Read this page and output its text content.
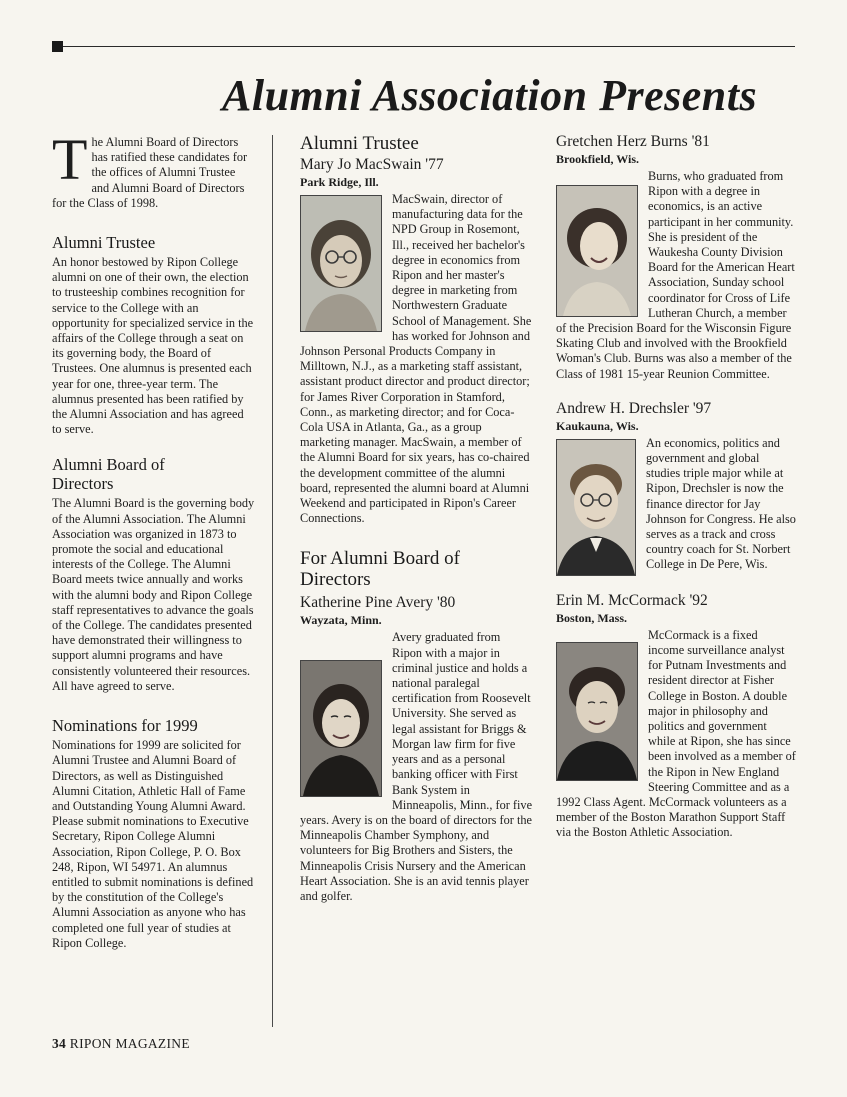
Alumni Association Presents

The Alumni Board of Directors has ratified these candidates for the offices of Alumni Trustee and Alumni Board of Directors for the Class of 1998.

Alumni Trustee

An honor bestowed by Ripon College alumni on one of their own, the election to trusteeship combines recognition for service to the College with an opportunity for specialized service in the affairs of the College through a seat on its governing body, the Board of Trustees. One alumnus is presented each year for one, three-year term. The alumnus presented has been ratified by the Alumni Association and has agreed to serve.

Alumni Board of Directors

The Alumni Board is the governing body of the Alumni Association. The Alumni Association was organized in 1873 to promote the social and educational interests of the College. The Alumni Board meets twice annually and works with the alumni body and Ripon College staff representatives to advance the goals of the College. The candidates presented have demonstrated their willingness to support alumni programs and have consistently volunteered their resources. All have agreed to serve.

Nominations for 1999

Nominations for 1999 are solicited for Alumni Trustee and Alumni Board of Directors, as well as Distinguished Alumni Citation, Athletic Hall of Fame and Outstanding Young Alumni Award. Please submit nominations to Executive Secretary, Ripon College Alumni Association, Ripon College, P. O. Box 248, Ripon, WI 54971. An alumnus entitled to submit nominations is defined by the constitution of the College's Alumni Association as anyone who has completed one full year of studies at Ripon College.

Alumni Trustee
Mary Jo MacSwain '77
Park Ridge, Ill.

MacSwain, director of manufacturing data for the NPD Group in Rosemont, Ill., received her bachelor's degree in economics from Ripon and her master's degree in marketing from Northwestern Graduate School of Management. She has worked for Johnson and Johnson Personal Products Company in Milltown, N.J., as a marketing staff assistant, assistant product director and product director; for James River Corporation in Stamford, Conn., as marketing director; and for Coca-Cola USA in Atlanta, Ga., as a group marketing manager. MacSwain, a member of the Alumni Board for six years, has co-chaired the development committee of the alumni board, represented the alumni board at Alumni Weekend and participated in Ripon's Career Connections.

For Alumni Board of Directors
Katherine Pine Avery '80
Wayzata, Minn.

Avery graduated from Ripon with a major in criminal justice and holds a national paralegal certification from Roosevelt University. She served as legal assistant for Briggs & Morgan law firm for five years and as a personal banking officer with First Bank System in Minneapolis, Minn., for five years. Avery is on the board of directors for the Minneapolis Chamber Symphony, and volunteers for Big Brothers and Sisters, the Minneapolis Crisis Nursery and the American Heart Association. She is an avid tennis player and golfer.

Gretchen Herz Burns '81
Brookfield, Wis.

Burns, who graduated from Ripon with a degree in economics, is an active participant in her community. She is president of the Waukesha County Division Board for the American Heart Association, Sunday school coordinator for Cross of Life Lutheran Church, a member of the Precision Board for the Wisconsin Figure Skating Club and involved with the Brookfield Woman's Club. Burns was also a member of the Class of 1981 15-year Reunion Committee.

Andrew H. Drechsler '97
Kaukauna, Wis.

An economics, politics and government and global studies triple major while at Ripon, Drechsler is now the finance director for Jay Johnson for Congress. He also serves as a track and cross country coach for St. Norbert College in De Pere, Wis.

Erin M. McCormack '92
Boston, Mass.

McCormack is a fixed income surveillance analyst for Putnam Investments and resident director at Fisher College in Boston. A double major in philosophy and politics and government while at Ripon, she has since been involved as a member of the Ripon in New England Steering Committee and as a 1992 Class Agent. McCormack volunteers as a member of the Boston Marathon Support Staff via the Boston Athletic Association.

34 RIPON MAGAZINE
